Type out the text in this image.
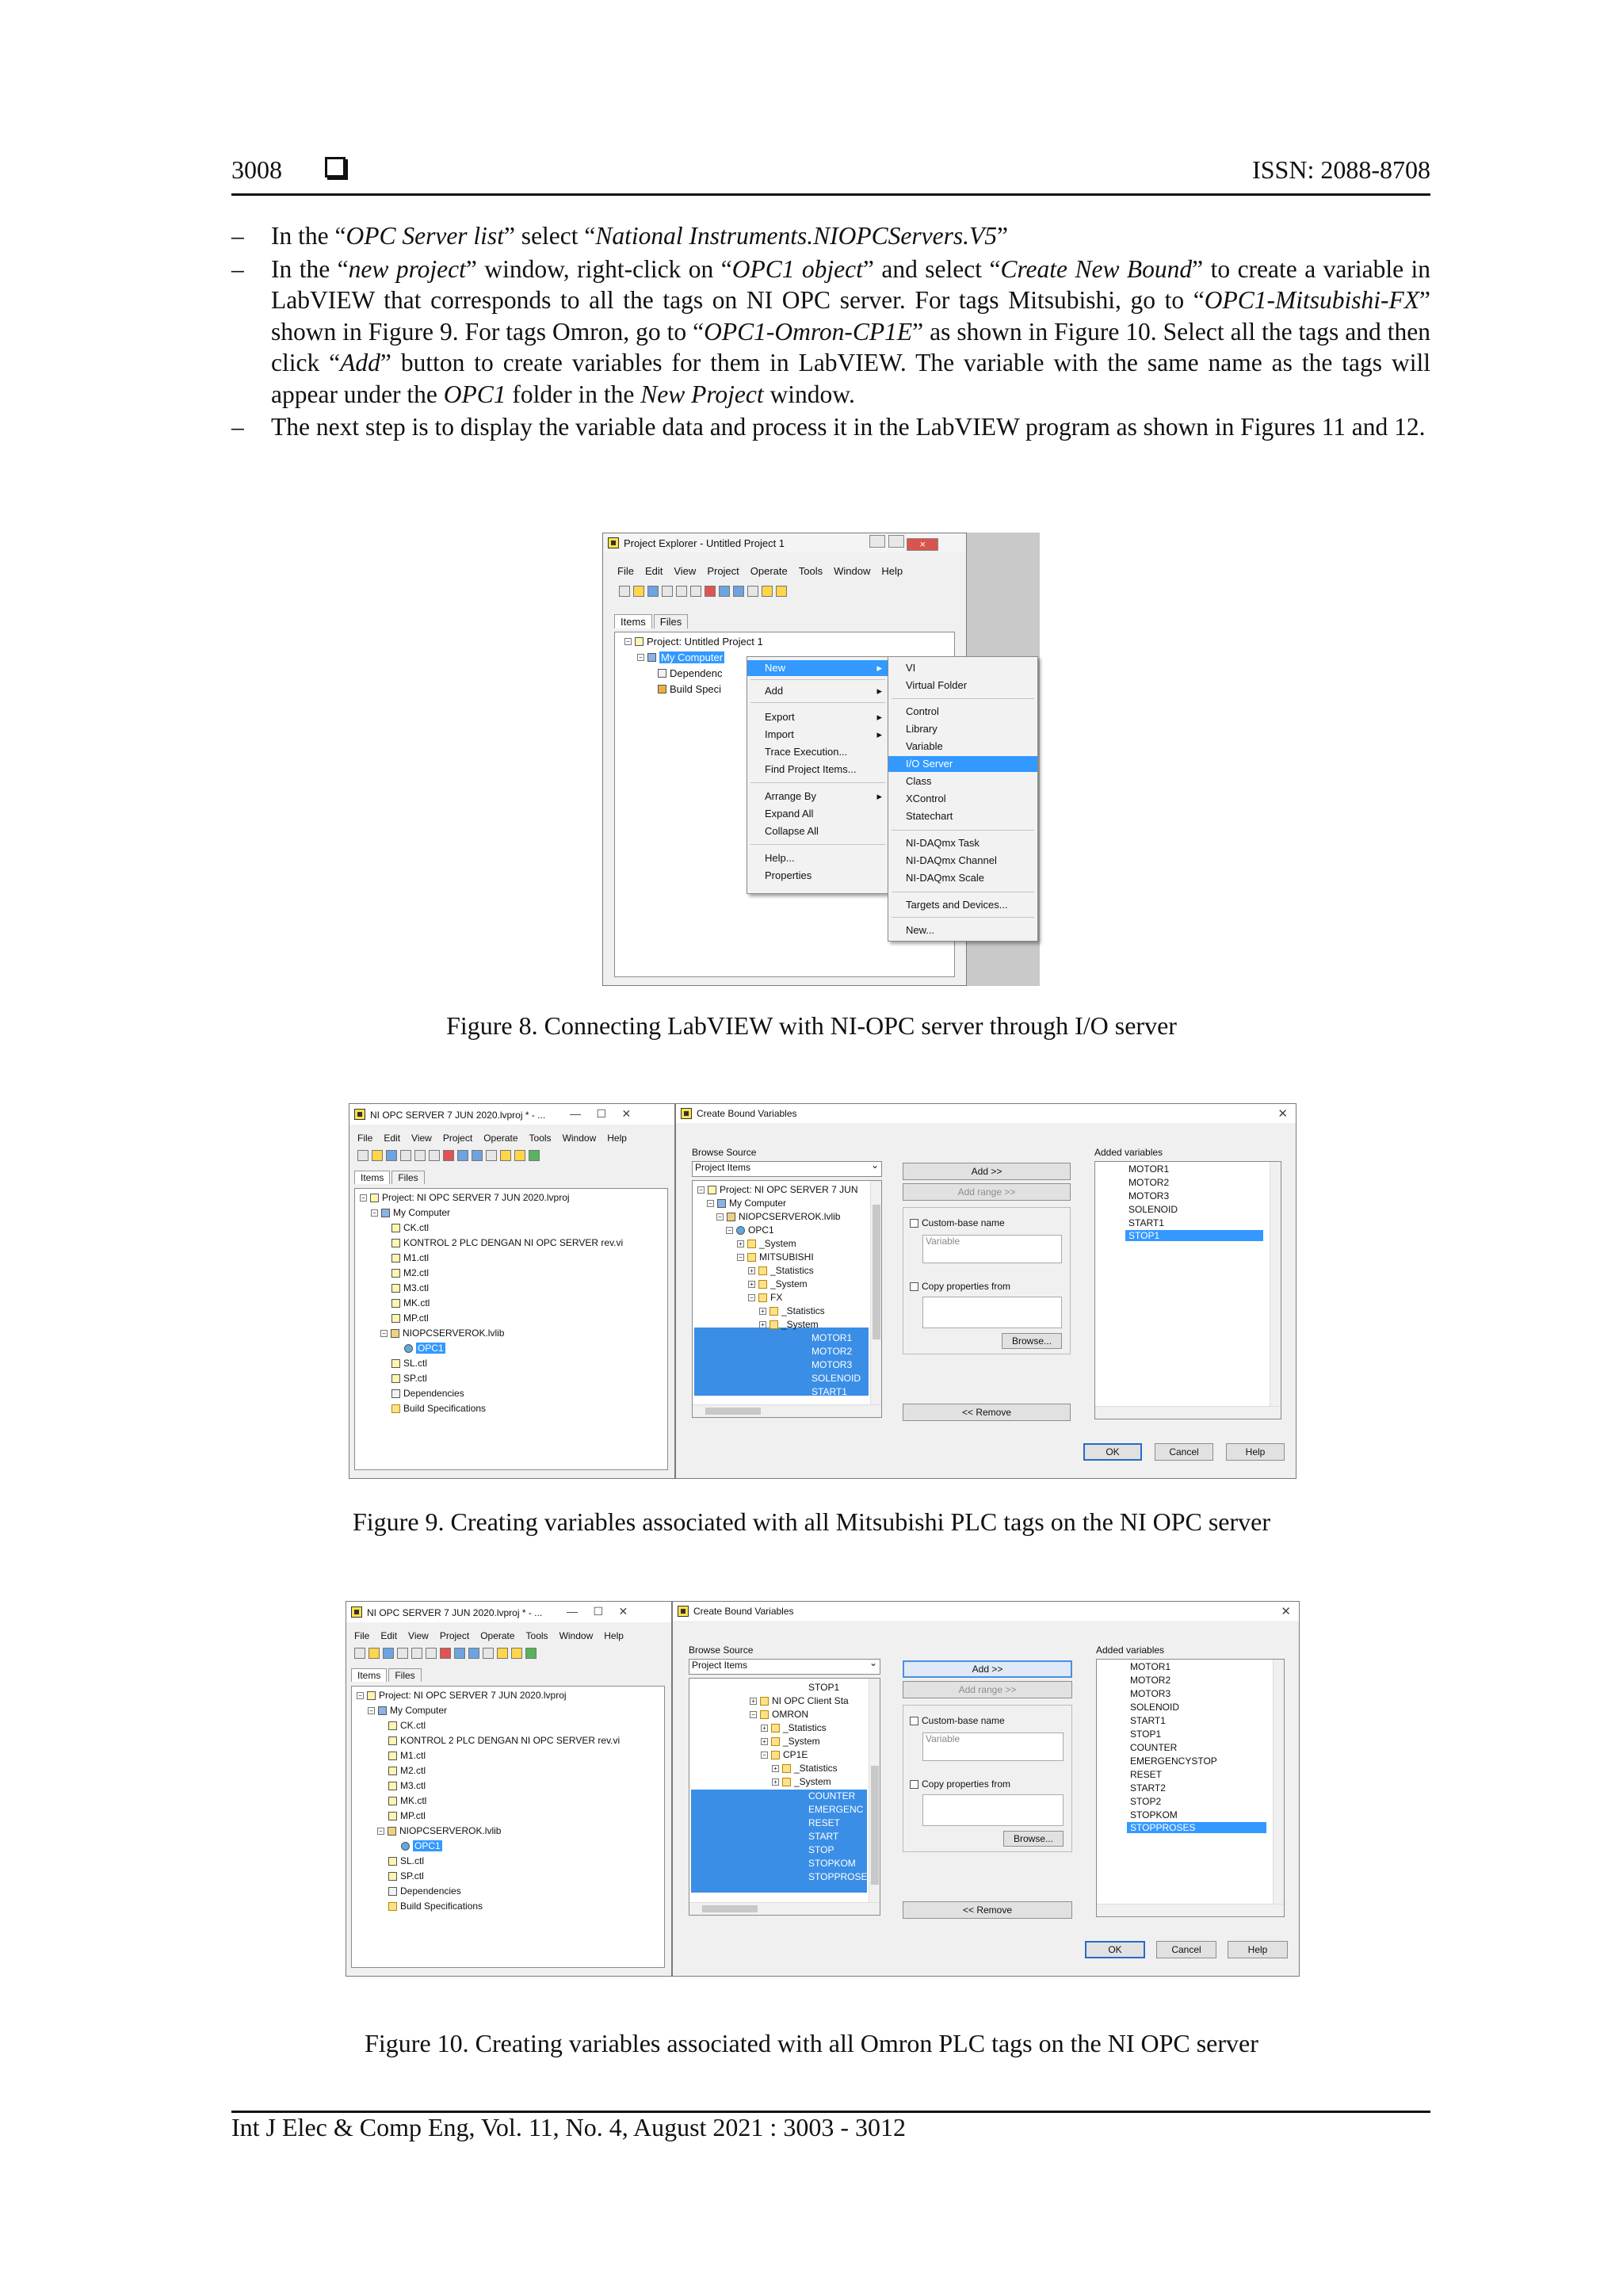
3008	ISSN: 2088-8708
– In the “OPC Server list” select “National Instruments.NIOPCServers.V5”
– In the “new project” window, right-click on “OPC1 object” and select “Create New Bound” to create a variable in LabVIEW that corresponds to all the tags on NI OPC server. For tags Mitsubishi, go to “OPC1-Mitsubishi-FX” shown in Figure 9. For tags Omron, go to “OPC1-Omron-CP1E” as shown in Figure 10. Select all the tags and then click “Add” button to create variables for them in LabVIEW. The variable with the same name as the tags will appear under the OPC1 folder in the New Project window.
– The next step is to display the variable data and process it in the LabVIEW program as shown in Figures 11 and 12.
Project Explorer - Untitled Project 1	×
File Edit View Project Operate Tools Window Help
Items	Files
− Project: Untitled Project 1
− My Computer
Dependenc
Build Speci
New	▸
Add	▸
Export	▸
Import	▸
Trace Execution...
Find Project Items...
Arrange By	▸
Expand All
Collapse All
Help...
Properties
VI
Virtual Folder
Control
Library
Variable
I/O Server
Class
XControl
Statechart
NI-DAQmx Task
NI-DAQmx Channel
NI-DAQmx Scale
Targets and Devices...
New...
Figure 8. Connecting LabVIEW with NI-OPC server through I/O server
NI OPC SERVER 7 JUN 2020.lvproj * - ... — ☐ ✕
File Edit View Project Operate Tools Window Help
Items	Files
− Project: NI OPC SERVER 7 JUN 2020.lvproj
− My Computer
CK.ctl
KONTROL 2 PLC DENGAN NI OPC SERVER rev.vi
M1.ctl
M2.ctl
M3.ctl
MK.ctl
MP.ctl
− NIOPCSERVEROK.lvlib
OPC1
SL.ctl
SP.ctl
Dependencies
Build Specifications
Create Bound Variables	✕
Browse Source
Project Items ⌄
− Project: NI OPC SERVER 7 JUN
− My Computer
− NIOPCSERVEROK.lvlib
− OPC1
+ _System
− MITSUBISHI
+ _Statistics
+ _System
− FX
+ _Statistics
+ _System
MOTOR1
MOTOR2
MOTOR3
SOLENOID
START1
Add >>
Add range >>
Custom-base name
Variable
Copy properties from
Browse...
<< Remove
Added variables
MOTOR1
MOTOR2
MOTOR3
SOLENOID
START1
STOP1
OK	Cancel	Help
Figure 9. Creating variables associated with all Mitsubishi PLC tags on the NI OPC server
NI OPC SERVER 7 JUN 2020.lvproj * - ... — ☐ ✕
File Edit View Project Operate Tools Window Help
Items	Files
− Project: NI OPC SERVER 7 JUN 2020.lvproj
− My Computer
CK.ctl
KONTROL 2 PLC DENGAN NI OPC SERVER rev.vi
M1.ctl
M2.ctl
M3.ctl
MK.ctl
MP.ctl
− NIOPCSERVEROK.lvlib
OPC1
SL.ctl
SP.ctl
Dependencies
Build Specifications
Create Bound Variables	✕
Browse Source
Project Items ⌄
STOP1
+ NI OPC Client Sta
− OMRON
+ _Statistics
+ _System
− CP1E
+ _Statistics
+ _System
COUNTER
EMERGENC
RESET
START
STOP
STOPKOM
STOPPROSE
Add >>
Add range >>
Custom-base name
Variable
Copy properties from
Browse...
<< Remove
Added variables
MOTOR1
MOTOR2
MOTOR3
SOLENOID
START1
STOP1
COUNTER
EMERGENCYSTOP
RESET
START2
STOP2
STOPKOM
STOPPROSES
OK	Cancel	Help
Figure 10. Creating variables associated with all Omron PLC tags on the NI OPC server
Int J Elec & Comp Eng, Vol. 11, No. 4, August 2021 : 3003 - 3012
